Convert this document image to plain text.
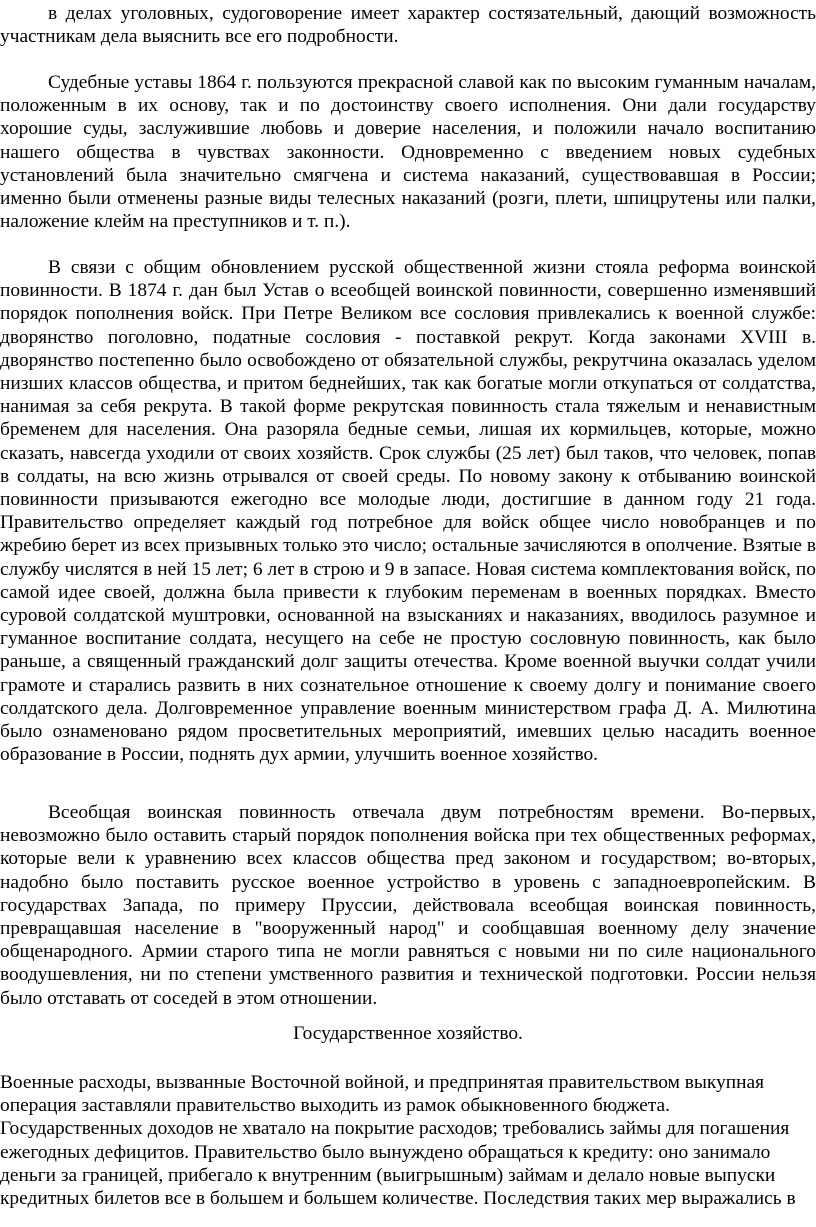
в делах уголовных, судоговорение имеет характер состязательный, дающий возможность участникам дела выяснить все его подробности.

Судебные уставы 1864 г. пользуются прекрасной славой как по высоким гуманным началам, положенным в их основу, так и по достоинству своего исполнения. Они дали государству хорошие суды, заслужившие любовь и доверие населения, и положили начало воспитанию нашего общества в чувствах законности. Одновременно с введением новых судебных установлений была значительно смягчена и система наказаний, существовавшая в России; именно были отменены разные виды телесных наказаний (розги, плети, шпицрутены или палки, наложение клейм на преступников и т. п.).

В связи с общим обновлением русской общественной жизни стояла реформа воинской повинности. В 1874 г. дан был Устав о всеобщей воинской повинности, совершенно изменявший порядок пополнения войск. При Петре Великом все сословия привлекались к военной службе: дворянство поголовно, податные сословия - поставкой рекрут. Когда законами XVIII в. дворянство постепенно было освобождено от обязательной службы, рекрутчина оказалась уделом низших классов общества, и притом беднейших, так как богатые могли откупаться от солдатства, нанимая за себя рекрута. В такой форме рекрутская повинность стала тяжелым и ненавистным бременем для населения. Она разоряла бедные семьи, лишая их кормильцев, которые, можно сказать, навсегда уходили от своих хозяйств. Срок службы (25 лет) был таков, что человек, попав в солдаты, на всю жизнь отрывался от своей среды. По новому закону к отбыванию воинской повинности призываются ежегодно все молодые люди, достигшие в данном году 21 года. Правительство определяет каждый год потребное для войск общее число новобранцев и по жребию берет из всех призывных только это число; остальные зачисляются в ополчение. Взятые в службу числятся в ней 15 лет; 6 лет в строю и 9 в запасе. Новая система комплектования войск, по самой идее своей, должна была привести к глубоким переменам в военных порядках. Вместо суровой солдатской муштровки, основанной на взысканиях и наказаниях, вводилось разумное и гуманное воспитание солдата, несущего на себе не простую сословную повинность, как было раньше, а священный гражданский долг защиты отечества. Кроме военной выучки солдат учили грамоте и старались развить в них сознательное отношение к своему долгу и понимание своего солдатского дела. Долговременное управление военным министерством графа Д. А. Милютина было ознаменовано рядом просветительных мероприятий, имевших целью насадить военное образование в России, поднять дух армии, улучшить военное хозяйство.

Всеобщая воинская повинность отвечала двум потребностям времени. Во-первых, невозможно было оставить старый порядок пополнения войска при тех общественных реформах, которые вели к уравнению всех классов общества пред законом и государством; во-вторых, надобно было поставить русское военное устройство в уровень с западноевропейским. В государствах Запада, по примеру Пруссии, действовала всеобщая воинская повинность, превращавшая население в "вооруженный народ" и сообщавшая военному делу значение общенародного. Армии старого типа не могли равняться с новыми ни по силе национального воодушевления, ни по степени умственного развития и технической подготовки. России нельзя было отставать от соседей в этом отношении.

Государственное хозяйство.

Военные расходы, вызванные Восточной войной, и предпринятая правительством выкупная
операция заставляли правительство выходить из рамок обыкновенного бюджета.
Государственных доходов не хватало на покрытие расходов; требовались займы для погашения
ежегодных дефицитов. Правительство было вынуждено обращаться к кредиту: оно занимало
деньги за границей, прибегало к внутренним (выигрышным) займам и делало новые выпуски
кредитных билетов все в большем и большем количестве. Последствия таких мер выражались в
